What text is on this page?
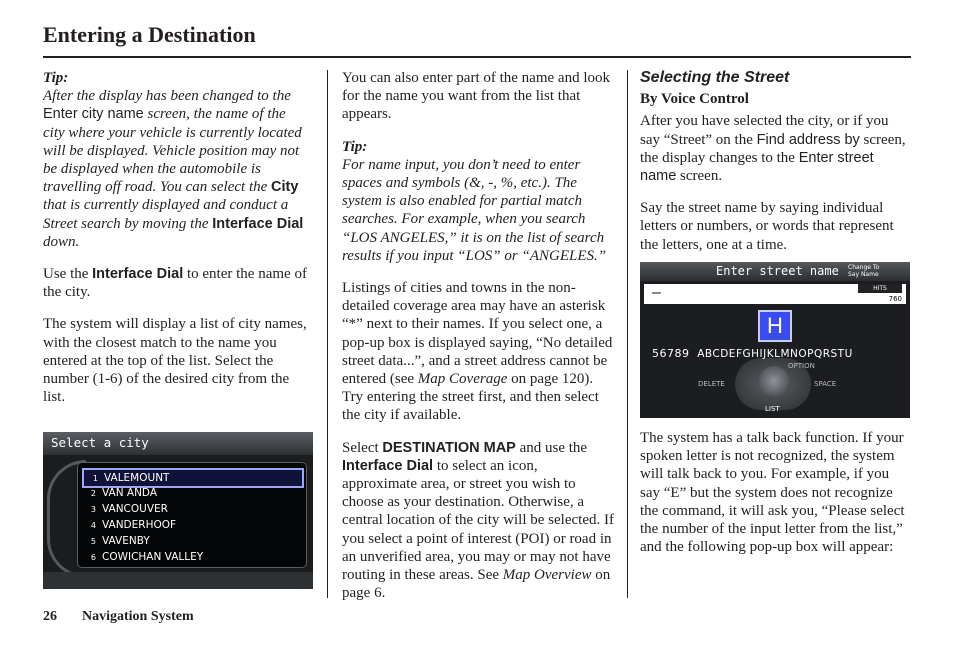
Entering a Destination

Tip:

After the display has been changed to the Enter city name screen, the name of the city where your vehicle is currently located will be displayed. Vehicle position may not be displayed when the automobile is travelling off road. You can select the City that is currently displayed and conduct a Street search by moving the Interface Dial down.

Use the Interface Dial to enter the name of the city.

The system will display a list of city names, with the closest match to the name you entered at the top of the list. Select the number (1-6) of the desired city from the list.

Select a city
1 VALEMOUNT
2 VAN ANDA
3 VANCOUVER
4 VANDERHOOF
5 VAVENBY
6 COWICHAN VALLEY

You can also enter part of the name and look for the name you want from the list that appears.

Tip:

For name input, you don’t need to enter spaces and symbols (&, -, %, etc.). The system is also enabled for partial match searches. For example, when you search “LOS ANGELES,” it is on the list of search results if you input “LOS” or “ANGELES.”

Listings of cities and towns in the non-detailed coverage area may have an asterisk “*” next to their names. If you select one, a pop-up box is displayed saying, “No detailed street data...”, and a street address cannot be entered (see Map Coverage on page 120). Try entering the street first, and then select the city if available.

Select DESTINATION MAP and use the Interface Dial to select an icon, approximate area, or street you wish to choose as your destination. Otherwise, a central location of the city will be selected. If you select a point of interest (POI) or road in an unverified area, you may or may not have routing in these areas. See Map Overview on page 6.

Selecting the Street

By Voice Control

After you have selected the city, or if you say “Street” on the Find address by screen, the display changes to the Enter street name screen.

Say the street name by saying individual letters or numbers, or words that represent the letters, one at a time.

Enter street name Change To
Say Name
–	HITS
760
H
56789 ABCDEFGHIJKLMNOPQRSTU
DELETE
OPTION
SPACE
LIST

The system has a talk back function. If your spoken letter is not recognized, the system will talk back to you. For example, if you say “E” but the system does not recognize the command, it will ask you, “Please select the number of the input letter from the list,” and the following pop-up box will appear:

26 Navigation System
